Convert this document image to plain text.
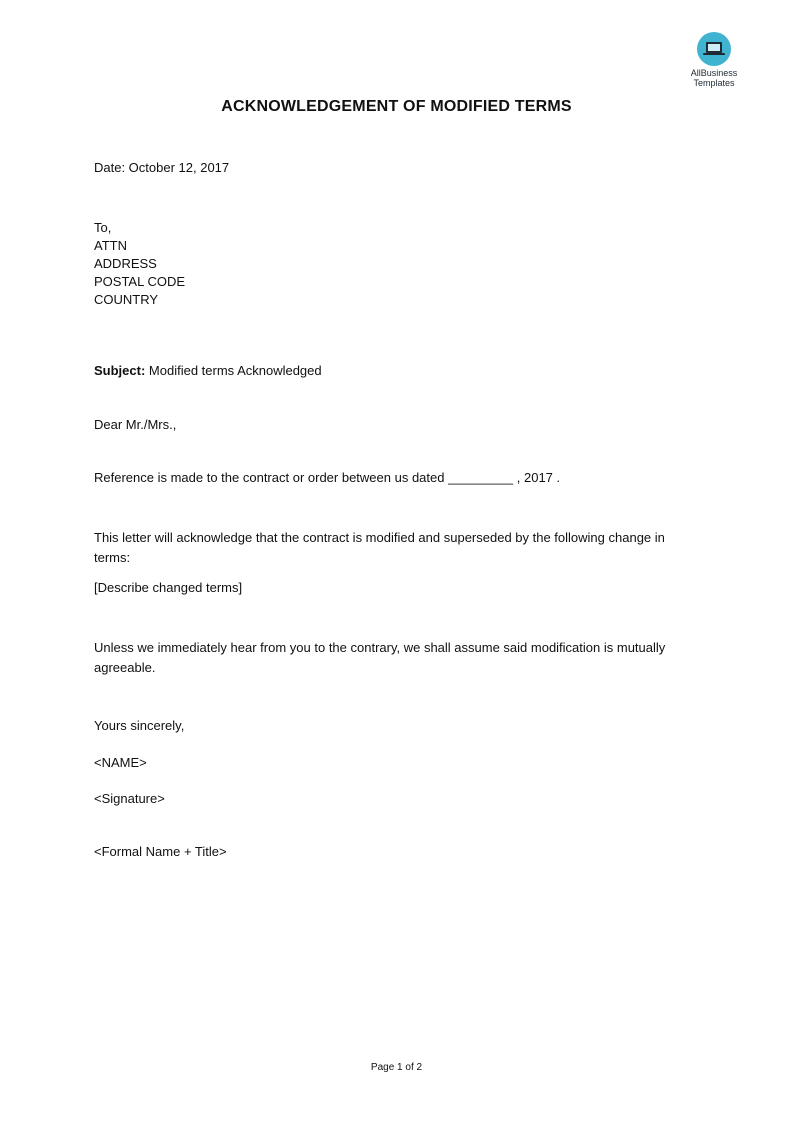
AllBusiness
Templates
ACKNOWLEDGEMENT OF MODIFIED TERMS
Date: October 12, 2017
To,
ATTN
ADDRESS
POSTAL CODE
COUNTRY
Subject: Modified terms Acknowledged
Dear Mr./Mrs.,
Reference is made to the contract or order between us dated _________ , 2017 .
This letter will acknowledge that the contract is modified and superseded by the following change in terms:
[Describe changed terms]
Unless we immediately hear from you to the contrary, we shall assume said modification is mutually agreeable.
Yours sincerely,
<NAME>
<Signature>
<Formal Name + Title>
Page 1 of 2
